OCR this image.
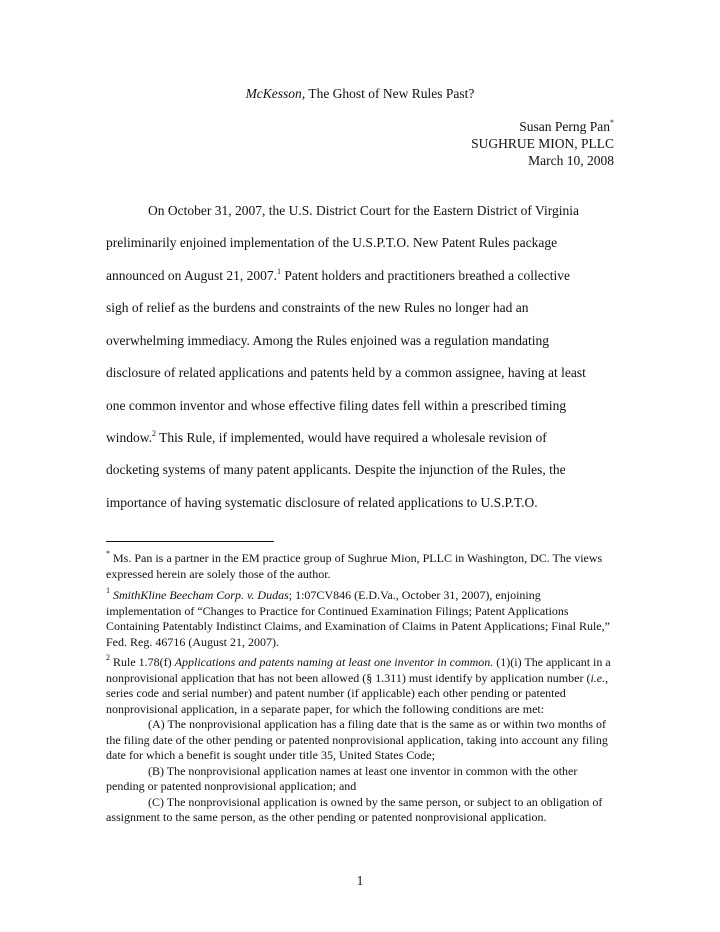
McKesson, The Ghost of New Rules Past?
Susan Perng Pan*
SUGHRUE MION, PLLC
March 10, 2008
On October 31, 2007, the U.S. District Court for the Eastern District of Virginia
preliminarily enjoined implementation of the U.S.P.T.O. New Patent Rules package
announced on August 21, 2007.$^1$ Patent holders and practitioners breathed a collective
sigh of relief as the burdens and constraints of the new Rules no longer had an
overwhelming immediacy. Among the Rules enjoined was a regulation mandating
disclosure of related applications and patents held by a common assignee, having at least
one common inventor and whose effective filing dates fell within a prescribed timing
window.$^2$ This Rule, if implemented, would have required a wholesale revision of
docketing systems of many patent applicants. Despite the injunction of the Rules, the
importance of having systematic disclosure of related applications to U.S.P.T.O.

* Ms. Pan is a partner in the EM practice group of Sughrue Mion, PLLC in Washington, DC. The views expressed herein are solely those of the author.

$^1$ SmithKline Beecham Corp. v. Dudas; 1:07CV846 (E.D.Va., October 31, 2007), enjoining implementation of “Changes to Practice for Continued Examination Filings; Patent Applications Containing Patentably Indistinct Claims, and Examination of Claims in Patent Applications; Final Rule,” Fed. Reg. 46716 (August 21, 2007).

$^2$ Rule 1.78(f) Applications and patents naming at least one inventor in common. (1)(i) The applicant in a nonprovisional application that has not been allowed (§ 1.311) must identify by application number (i.e., series code and serial number) and patent number (if applicable) each other pending or patented nonprovisional application, in a separate paper, for which the following conditions are met:

(A) The nonprovisional application has a filing date that is the same as or within two months of the filing date of the other pending or patented nonprovisional application, taking into account any filing date for which a benefit is sought under title 35, United States Code;

(B) The nonprovisional application names at least one inventor in common with the other pending or patented nonprovisional application; and

(C) The nonprovisional application is owned by the same person, or subject to an obligation of assignment to the same person, as the other pending or patented nonprovisional application.

1
